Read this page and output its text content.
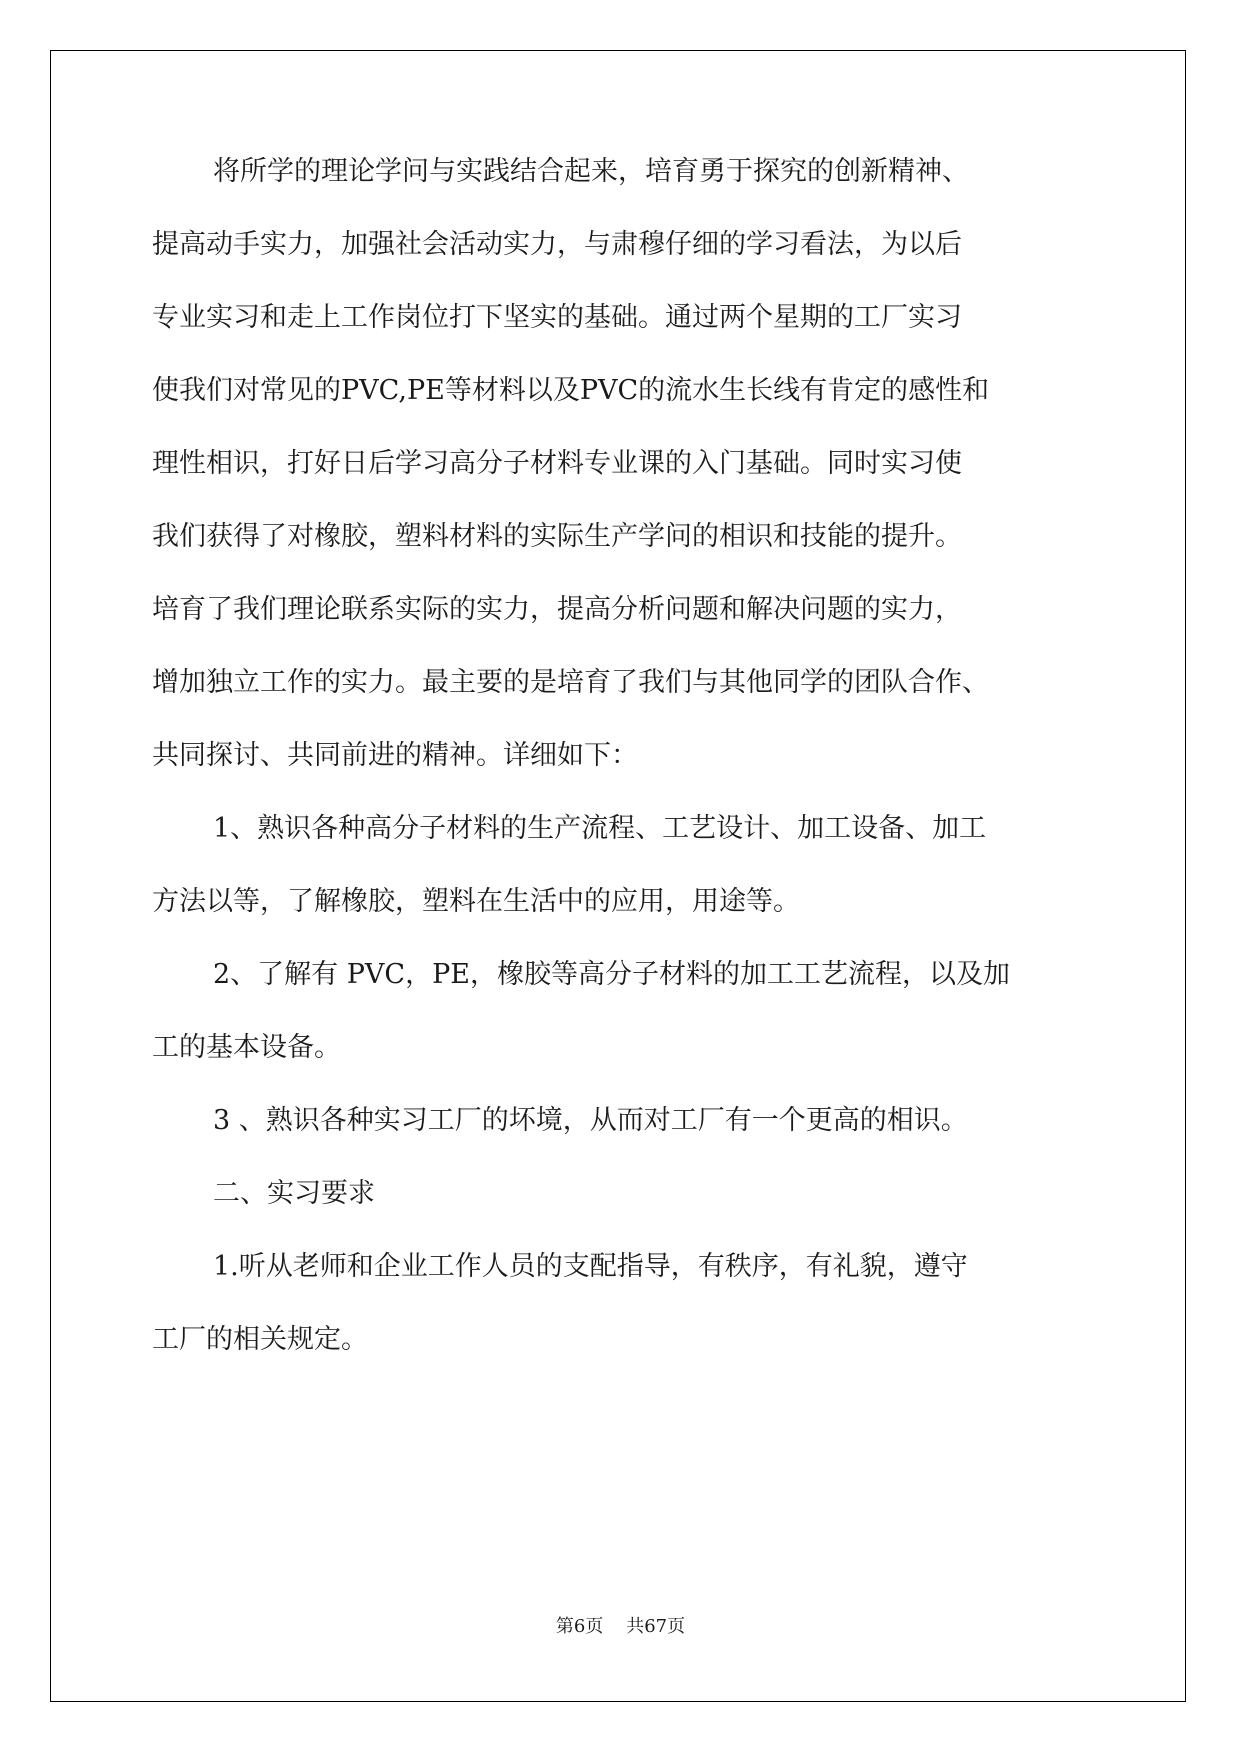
将所学的理论学问与实践结合起来，培育勇于探究的创新精神、

提高动手实力，加强社会活动实力，与肃穆仔细的学习看法，为以后

专业实习和走上工作岗位打下坚实的基础。通过两个星期的工厂实习

使我们对常见的PVC,PE等材料以及PVC的流水生长线有肯定的感性和

理性相识，打好日后学习高分子材料专业课的入门基础。同时实习使

我们获得了对橡胶，塑料材料的实际生产学问的相识和技能的提升。

培育了我们理论联系实际的实力，提高分析问题和解决问题的实力，

增加独立工作的实力。最主要的是培育了我们与其他同学的团队合作、

共同探讨、共同前进的精神。详细如下：

1、熟识各种高分子材料的生产流程、工艺设计、加工设备、加工

方法以等，了解橡胶，塑料在生活中的应用，用途等。

2、了解有 PVC，PE，橡胶等高分子材料的加工工艺流程，以及加

工的基本设备。

3 、熟识各种实习工厂的坏境，从而对工厂有一个更高的相识。

二、实习要求

1.听从老师和企业工作人员的支配指导，有秩序，有礼貌，遵守

工厂的相关规定。

第6页 共67页
